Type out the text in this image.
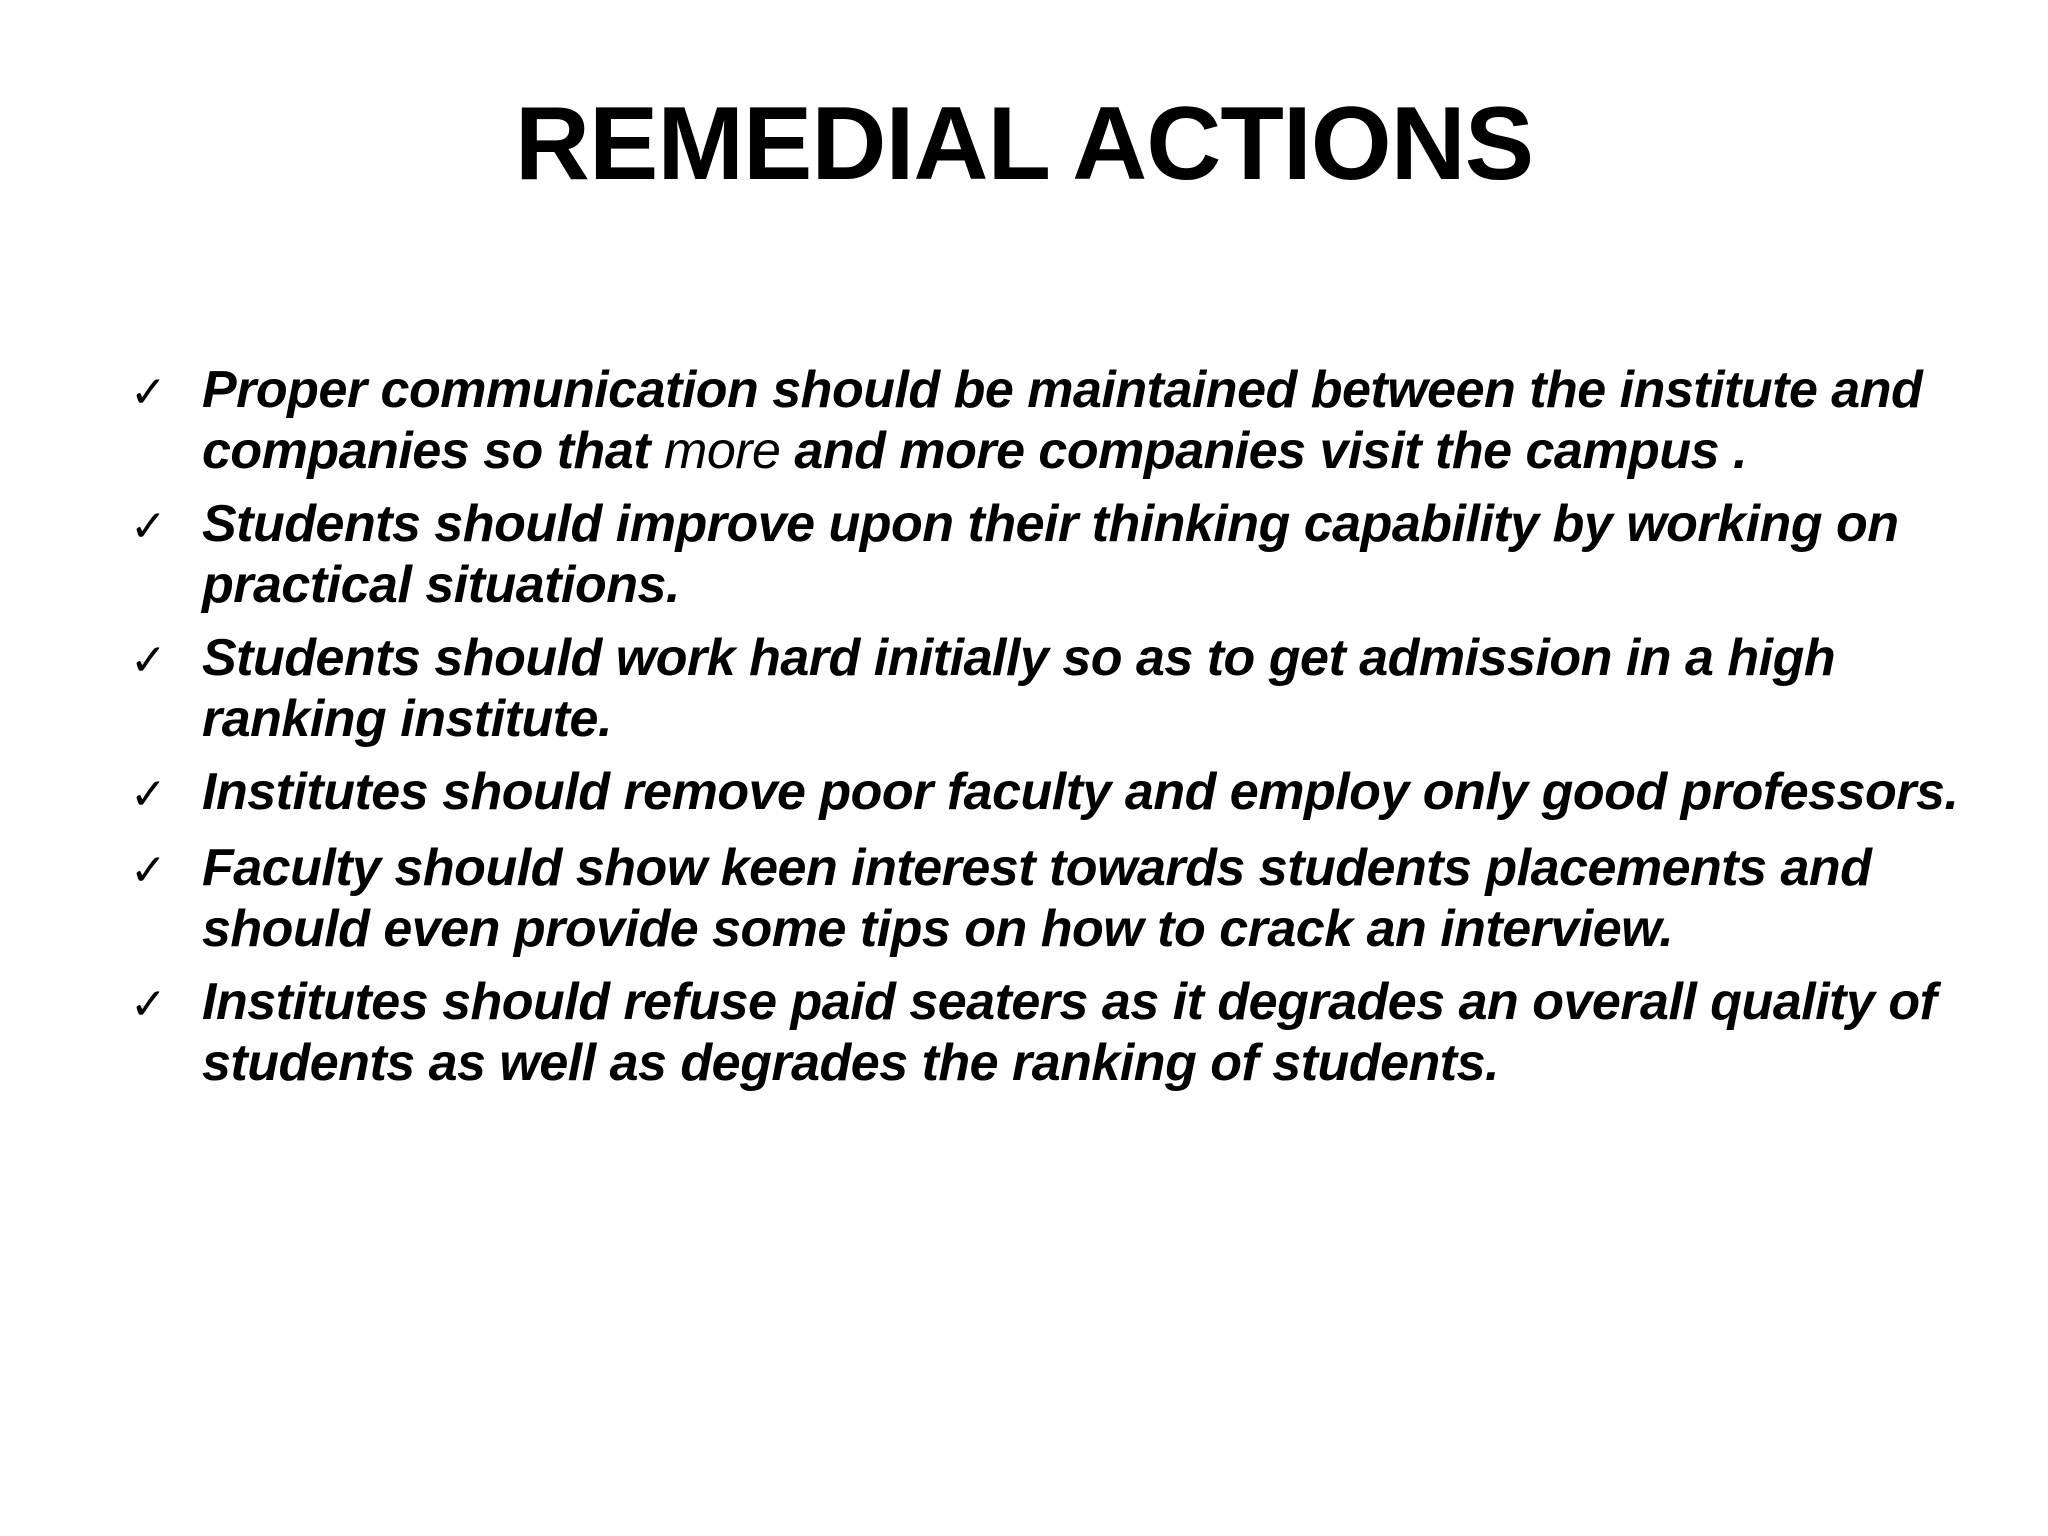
REMEDIAL ACTIONS
✓ Proper communication should be maintained between the institute and companies so that more and more companies visit the campus .
✓ Students should improve upon their thinking capability by working on practical situations.
✓ Students should work hard initially so as to get admission in a high ranking institute.
✓ Institutes should remove poor faculty and employ only good professors.
✓ Faculty should show keen interest towards students placements and should even provide some tips on how to crack an interview.
✓ Institutes should refuse paid seaters as it degrades an overall quality of students as well as degrades the ranking of students.
